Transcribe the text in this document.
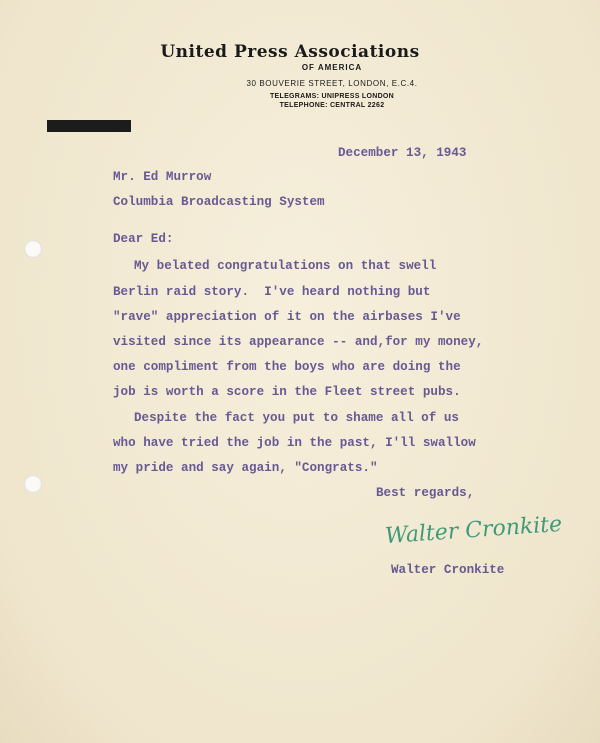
United Press Associations
OF AMERICA
30 BOUVERIE STREET, LONDON, E.C.4.
TELEGRAMS: UNIPRESS LONDON
TELEPHONE: CENTRAL 2262
December 13, 1943
Mr. Ed Murrow
Columbia Broadcasting System
Dear Ed:
My belated congratulations on that swell
Berlin raid story.  I've heard nothing but
"rave" appreciation of it on the airbases I've
visited since its appearance -- and,for my money,
one compliment from the boys who are doing the
job is worth a score in the Fleet street pubs.
Despite the fact you put to shame all of us
who have tried the job in the past, I'll swallow
my pride and say again, "Congrats."
Best regards,
Walter Cronkite
Walter Cronkite
